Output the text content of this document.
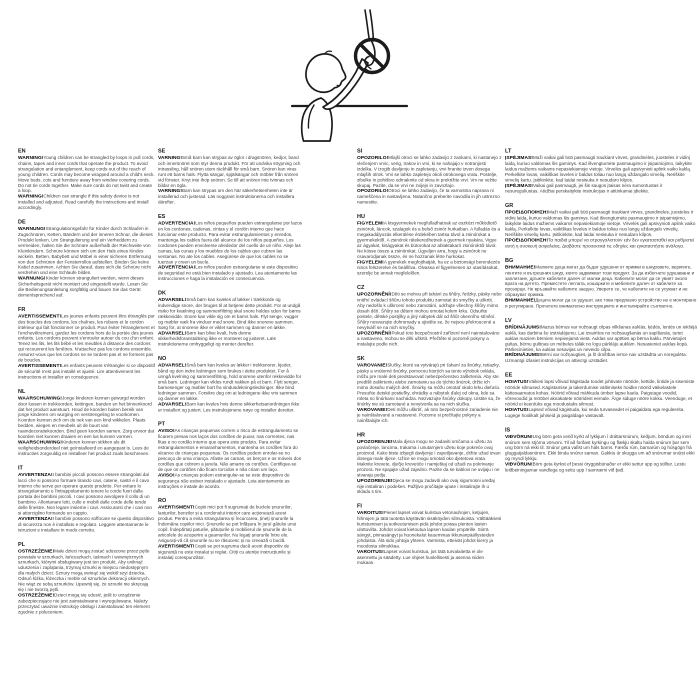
EN

WARNING!Young children can be strangled by loops in pull cords, chains, tapes and inner cords that operate the product. To avoid strangulation and entanglement, keep cords out of the reach of young children. Cords may become wrapped around a child's neck. Move beds, cots and furniture away from window covering cords. Do not tie cords together. Make sure cords do not twist and create a loop.

WARNING!Children can strangle if this safety device is not installed and adjusted. Read carefully the instructions and install accordingly.

DE

WARNUNG!Strangulationsgefahr für Kinder durch Schlaufen in Zugschnüren, Ketten, Bändern und der inneren Schnur, die dieses Produkt lenken. Um Strangulierung und ein Verheddern zu vermeiden, halten Sie die Schnüre außerhalb der Reichweite von Kleinkindern. Schnüre können sich um den Hals eines Kindes wickeln. Betten, Babybett und Möbel in einer sicheren Entfernung von den Schnüren der Fensterrollos aufstellen. Binden Sie keine Kabel zusammen. Achten Sie darauf, dass sich die Schnüre nicht verdrehen und eine Schlaufe bilden.

WARNUNG!Kinder können stranguliert werden, wenn dieses Sicherheitsgerät nicht montiert und eingestellt wurde. Lesen Sie die Bedienungsanleitung sorgfältig und bauen Sie das Gerät dementsprechend auf.

FR

AVERTISSEMENT!Les jeunes enfants peuvent être étranglés par des boucles des cordons, les chaînes, les rubans et le cordon intérieur qui fait fonctionner ce produit. Pour éviter l'étranglement et l'enchevêtrement, gardez les cordons hors de la portée des jeunes enfants. Les cordons peuvent s'enrouler autour du cou d'un enfant. Tenez les lits, les lits bébé et les meubles à distance des cordons qui recouvrent les fenêtres. N'attachez pas les cordons ensemble. Assurez-vous que les cordons ne se tordent pas et ne forment pas de boucles.

AVERTISSEMENT!Les enfants peuvent s'étrangler si ce dispositif de sécurité n'est pas installé et ajusté. Lire attentivement les instructions et installer en conséquence.

NL

WAARSCHUWING!Jonge kinderen kunnen gewurgd worden door lussen in trekkoorden, kettingen, banden en het binnenkoord dat het product aanstuurt. Houd de koorden buiten bereik van jonge kinderen om wurging en verstrengeling te voorkomen. Koorden kunnen zich om de nek van een kind wikkelen. Plaats bedden, wiegen en meubels uit de buurt van raamdecoratiekoorden. Bind geen koorden samen. Zorg ervoor dat koorden niet kunnen draaien en een lus kunnen vormen.

WAARSCHUWING!Kinderen kunnen stikken als dit veiligheidsonderdeel niet geïnstalleerd en aangepast is. Lees de instructies zorgvuldig en installeer het product zoals beschreven.

IT

AVVERTENZA!I bambini piccoli possono essere strangolati dai lacci che si possono formare tirando cavi, catene, nastri e il cavo interno che serve per operare questo prodotto. Per evitare lo strangolamento e l'intrappolamento tenere le corde fuori dalla portata dei bambini piccoli. I cavi possono avvolgere il collo di un bambino. Allontanare letti, culle e mobili dalle corde delle tende delle finestre. Non legare insieme i cavi. Assicurarsi che i cavi non si attorciglino formando un cappio.

AVVERTENZA!I bambini possono soffocare se questo dispositivo di sicurezza non è installato e regolato. Leggere attentamente le istruzioni e installare in modo corretto.

PL

OSTRZEŻENIE!Małe dzieci mogą zostać uduszone przez pętle powstałe w sznurkach, łańcuszkach, taśmach i wewnętrznych sznurkach, którymi obsługiwany jest ten produkt. Aby uniknąć uduszenia i zaplątania, trzymaj sznurki w miejscu niedostępnym dla małych dzieci. Sznury mogą owinąć się wokół szyi dziecka. Odsuń łóżka, łóżeczka i meble od sznurków dekoracji okiennych. Nie wiąż ze sobą sznurków. Upewnij się, że sznurki nie skręcają się i nie tworzą pętli.

OSTRZEŻENIE!Dzieci mogą się udusić, jeśli to urządzenie zabezpieczające nie jest zainstalowane i wyregulowane. Należy przeczytać uważnie instrukcję obsługi i zainstalować ten element zgodnie z poleceniem.

SE

VARNING!Små barn kan strypas av öglor i dragsnören, kedjor, band och innersnöret som styr denna produkt. För att undvika strypning och intrassling, håll snören utom räckhåll för små barn. Snören kan viras runt ett barns hals. Flytta sängar, spjälsängar och möbler från snören vid fönster. Knyt inte ihop snören. Se till att snören inte tvinnas och bildar en ögla.

VARNING!Barn kan strypas om den här säkerhetsenheten inte är installerad och justerad. Läs noggrant instruktionerna och installera därefter.

ES

ADVERTENCIA!Los niños pequeños pueden estrangularse por lazos en los cordones, cadenas, cintas y el cordón interno que hace funcionar este producto. Para evitar estrangulamientos y enredos, mantenga los cables fuera del alcance de los niños pequeños. Los cordones pueden envolverse alrededor del cuello de un niño. Aleje las camas, las cunas y los muebles de los cables que cubren las ventanas. No ate los cables. Asegúrese de que los cables no se tuerzan y creen un bucle.

ADVERTENCIA!Los niños pueden estrangularse si este dispositivo de seguridad no está bien instalado y ajustado. Lea atentamente las instrucciones e haga la instalación en consecuencia.

DK

ADVARSEL!Små børn kan kvæles af løkker i trækkorde og indvendige snore, der bruges til at betjene dette produkt. For at undgå risiko for kvælning og sammenfiltring skal snore holdes uden for børns rækkevidde. Snore kan vikle sig om et barns hals. Flyt senge, vugger og møbler væk fra vinduer med snore. Bind ikke snorene sammen. Sørg for, at snorene ikke er viklet sammen og danner en løkke.

ADVARSEL!Børn kan blive kvalt, hvis denne sikkerhedsforanstaltning ikke er monteret og justeret. Læs instruktionerne omhyggeligt og monter derefter.

NO

ADVARSEL!Små barn kan kveles av løkker i trekksnorer, kjeder, bånd og den indre ledningen som brukes i dette produktet. For å unngå kvelning og sammenfiltring, hold snorene utenfor rekkevidde for små barn. Ledninger kan vikles rundt nakken på et barn. Flytt senger, barnesenger og møbler bort fra vindusdekningsledninger. Ikke bind ledninger sammen. Forsikre deg om at ledningene ikke vris sammen og danner en løkke.

ADVARSEL!Barn kan kveles hvis denne sikkerhetsanordningen ikke er installert og justert. Les instruksjonene nøye og installer deretter.

PT

AVISO!As crianças pequenas correm o risco de estrangulamento se ficarem presas nos laços dos cordões de puxar, nas correntes, nas fitas e no cordão interno que opera este produto. Para evitar estrangulamentos e emaranhamentos, mantenha os cordões fora do alcance de crianças pequenas. Os cordões podem enrolar-se no pescoço de uma criança. Afaste as camas, os berços e os móveis dos cordões que cobrem a janela. Não amarre os cordões. Certifique-se de que os cordões não ficam torcidos e não criam um laço.

AVISO!As crianças podem estrangular-se se este dispositivo de segurança não estiver instalado e ajustado. Leia atentamente as instruções e instale de acordo.

RO

AVERTISMENT!Copiii mici pot fi sugrumați de buclele șnururilor, lanțurilor, benzilor și a cordonului interior care acționează acest produs. Pentru a evita strangularea și încurcarea, țineți șnururile la îndemâna copiilor mici. Șnururile se pot înfășura în jurul gâtului unui copil. Îndepărtați paturile, pătuțurile și mobilierul de șnururile de la articolele de acoperire a geamurilor. Nu legați șnururile între ele. Asigurați-vă că șnururile nu se răsucesc și nu creează o buclă.

AVERTISMENT!Copiii se pot sugruma dacă acest dispozitiv de siguranță nu este instalat și reglat. Citiți cu atenție instrucțiunile și instalați corespunzător.

SI

OPOZORILO!Mlajši otroci se lahko zadavijo z zankami, ki nastanejo z vlečenjem vrvic, verig, trakov in vrvi, ki se nahajajo v notranjosti izdelka. V izogib davljenju in zapletanju, vrvi hranite izven dosega mlajših otrok. Vrvi se lahko zapletejo okoli otrokovega vratu. Postelje, zibelke in pohištvo odmaknite od okna in prekrižite vrvi. Vrv ne vežite skupaj. Pazite, da se vrvi ne zvijejo in zavozlajo.

OPOZORILO!Otroci se lahko zadavijo, če ta varnostna naprava ni nameščena in nastavljena. Natančno preberite navodila in jih ustrezno namestite.

HU

FIGYELEM!A kisgyermekek megfulladhatnak az eszközt működtető zsinórok, láncok, szalagok és a belső zsinór hurkaiban. A fulladás és a megakadályozás elkerülése érdekében tartsa távol a zsinórokat a gyermekektől. A zsinórok rátekeredhetnek a gyermek nyakára. Vigye az ágyakat, kiságyakat és bútorokat az ablaktakaró zsinóroktól távol. Ne kösse össze a zsinórokat. Ügyeljen arra, hogy a zsinórok ne csavarodjanak össze, és ne hozzanak létre hurkokat.

FIGYELEM!A gyerekek megfojthatják, ha ez a biztonsági berendezés nincs felszerelve és beállítva. Olvassa el figyelmesen az utasításokat, szerelje be annak megfelelően.

CZ

UPOZORNĚNÍ!Děti se mohou při tahání za šňůry, řetízky, pásky nebo vnitřní ovládací šňůru tohoto produktu zamotat do smyčky a uškrtit. Aby nedošlo k uškrcení nebo zamotání, udržujte všechny šňůry mimo dosah dětí. Šňůry se dětem mohou omotat kolem krku. Odsuňte postele, dětské postýlky a jiný nábytek dál od šňůr okenního stínění. Šňůry nesvazujte dohromady a ujistěte se, že nejsou překroucené a nevytváří se na nich smyčky.

UPOZORNĚNÍ!Pokud toto bezpečnostní zařízení není nainstalováno a nastaveno, mohou se děti uškrtit. Přečtěte si pozorně pokyny a instalujte podle nich.

SK

VAROVANIE!Slučky, ktoré sa vytvárajú pri ťahaní za šnúrky, retiazky, pásky a vnútorné šnúrky, pomocou ktorých sa tento výrobok ovláda, môžu pre malé deti predstavovať nebezpečenstvo zaškrtenia. Aby ste predišli zaškrteniu alebo zamotaniu sa do týchto šnúrok, držte ich mimo dosahu malých detí. Šnúrky sa môžu omotať okolo krku dieťaťa. Presuňte detské postieľky, ohrádky a nábytok ďalej od okna, kde sa roleta so šnúrkami nachádza. Nezväzujte šnúrky dokopy. Uistite sa, že šnúrky nie sú zamotané a nevytvorila sa na nich slučka.

VAROVANIE!Deti môžu uškrtiť, ak toto bezpečnostné zariadenie nie je nainštalované a nastavené. Pozorne si prečítajte pokyny a nainštalujte ich.

HR

UPOZORENJE!Mala djeca mogu se zadaviti omčama u užetu za povlačenje, lancima, trakama i unutarnjem užetu koje pokreće ovaj proizvod. Kako biste izbjegli davljenje i zapetljavanje, držite užad izvan dosega male djece. Užice se mogu omotati oko djetetova vrata. Maknite krevete, dječje krevetiće i namještaj od užadi za pokrivanje prozora. Ne spajajte užad zajedno. Pazite da se kablovi ne uvijaju i ne stvaraju petlju.

UPOZORENJE!Djeca se mogu zadaviti ako ovaj sigurnosni uređaj nije instaliran i podešen. Pažljivo pročitajte upute i instalirajte ih u skladu s tim.

FI

VAROITUS!Pienet lapset voivat kuristua vetonauhojen, ketjujen, hihnojen ja tätä tuotetta käyttävän sisäköyden silmukoista. Välttääksesi kuristumisen ja sotkeutumisen pidä johdot poissa pienten lasten ulottuvilta. Johdot voivat kietoutua lapsen kaulan ympärille. Siirrä sängyt, pinnasängyt ja huonekalut kauemmas ikkunanpäällysteiden johdoista. Älä sido johtoja yhteen. Varmista, etteivät johdot kierry ja muodosta silmukkaa.

VAROITUS!Lapset voivat kuristua, jos tätä turvalaitetta ei ole asennettu ja säädetty. Lue ohjeet huolellisesti ja asenna niiden mukaan.

LT

ĮSPĖJIMAS!Maži vaikai gali būti pasmaugti traukiant virves, grandinėles, juosteles ir vidinį laidą, kuriuo valdomas šis gaminys. Kad išvengtumėte pasmaugimo ir įsipainiojimo, laikykite laidus mažiems vaikams nepasiekiamoje vietoje. Virvelės gali apsivynioti aplink vaiko kaklą. Perkelkite lovas, vaikiškas loveles ir baldus toliau nuo langų uždangalo virvelių. Neriškite virvelių kartu. Įsitikinkite, kad laidai nesisuka ir nesudaro kilpos.

ĮSPĖJIMAS!Vaikai gali pasmaugti, jei šis saugos įtaisas nėra sumontuotas ir nesureguliuotas. Atidžiai perskaitykite instrukcijas ir atitinkamai įdiekite.

GR

ΠΡΟΕΙΔΟΠΟΙΗΣΗ!Maži vaikai gali būti pasmaugti traukiant virves, grandinėles, juosteles ir vidinį laidą, kuriuo valdomas šis gaminys. Kad išvengtumėte pasmaugimo ir įsipainiojimo, laikykite laidus mažiems vaikams nepasiekiamoje vietoje. Virvelės gali apsivynioti aplink vaiko kaklą. Perkelkite lovas, vaikiškas loveles ir baldus toliau nuo langų uždangalo virvelių. Neriškite virvelių kartu. Įsitikinkite, kad laidai nesisuka ir nesudaro kilpos.

ΠΡΟΕΙΔΟΠΟΙΗΣΗ!Τα παιδιά μπορεί να στραγγαλιστούν εάν δεν εγκατασταθεί και ρυθμιστεί αυτή η συσκευή ασφαλείας. Διαβάστε προσεκτικά τις οδηγίες και εγκαταστήστε ανάλογα.

BG

ВНИМАНИЕ!Малките деца могат да бъдат удушени от примки в шнуровете, веригите, лентите и вътрешния шнур, които задвижват този продукт. За да избегнете удушаване и заплитане, дръжте кабелите далеч от малки деца. Кабелите могат да се увият около врата на детето. Преместете леглата, кошарките и мебелите далеч от кабелите за прозорци. Не връзвайте кабелите заедно. Уверете се, че кабелите не се усукват и не образуват примка.

ВНИМАНИЕ!Децата могат да се удушат, ако това предпазно устройство не е монтирано и регулирано. Прочетете внимателно инструкциите и инсталирайте съответно.

LV

BRĪDINĀJUMS!Mazus bērnus var nožņaugt cilpas vilkšanas auklās, ķēdēs, lentēs un iekšējā auklā, kas darbina šo izstrādājumu. Lai izvairītos no nožņaugšanās un sapīšanās, turiet auklas maziem bērniem nepieejamā vietā. Auklas var aptīties ap bērna kaklu. Pārvietojiet gultas, bērnu gultiņas un mēbeles tālāk no logu pārklāju auklām. Nesasieniet auklas kopā. Pārliecinieties, ka auklas nesavijas un neveido cilpu.

BRĪDINĀJUMS!Bērni var nožņaugties, ja šī drošības ierīce nav uzstādīta un noregulēta. Uzmanīgi izlasiet instrukcijas un attiecīgi uzstādiet.

EE

HOIATUS!Väikesi lapsi võivad kägistada toodet juhtivate nööride, kettide, lintide ja sisemiste nööride silmused. Kägistamise ja takerdumise vältimiseks hoidke nöörid väikelastele kättesaamatus kohas. Nöörid võivad mähkuda ümber lapse kaela. Paigutage voodid, võrevoodid ja mööbel aknakatete nööridest eemale. Ärge siduge nööre kokku. Veenduge, et nöörid ei keerduks ega moodustaks silmust.

HOIATUS!Lapsed võivad kägistuda, kui seda turvaseadet ei paigaldata ega reguleerita. Lugege hoolikalt juhiseid ja paigaldage vastavalt.

IS

VIÐVÖRUN!Ung börn geta verið kyrkt af lykkjum í dráttarsnúrum, keðjum, böndum og innri snúrum sem stjórna vörunni. Til að forðast kyrkingu og flækju skaltu halda snúrum þar sem ung börn ná ekki til. Snúrur geta vafist um háls barns. Færðu rúm, barnarúm og húsgögn frá gluggatjaldasnúrum. Ekki binda snúrur saman. Gakktu úr skugga um að snúrurnar snúist ekki og myndi lykkju.

VIÐVÖRUN!Börn geta kyrkst ef þessi öryggisbúnaður er ekki settur upp og stilltur. Lestu leiðbeiningarnar vandlega og settu upp í samræmi við það.
